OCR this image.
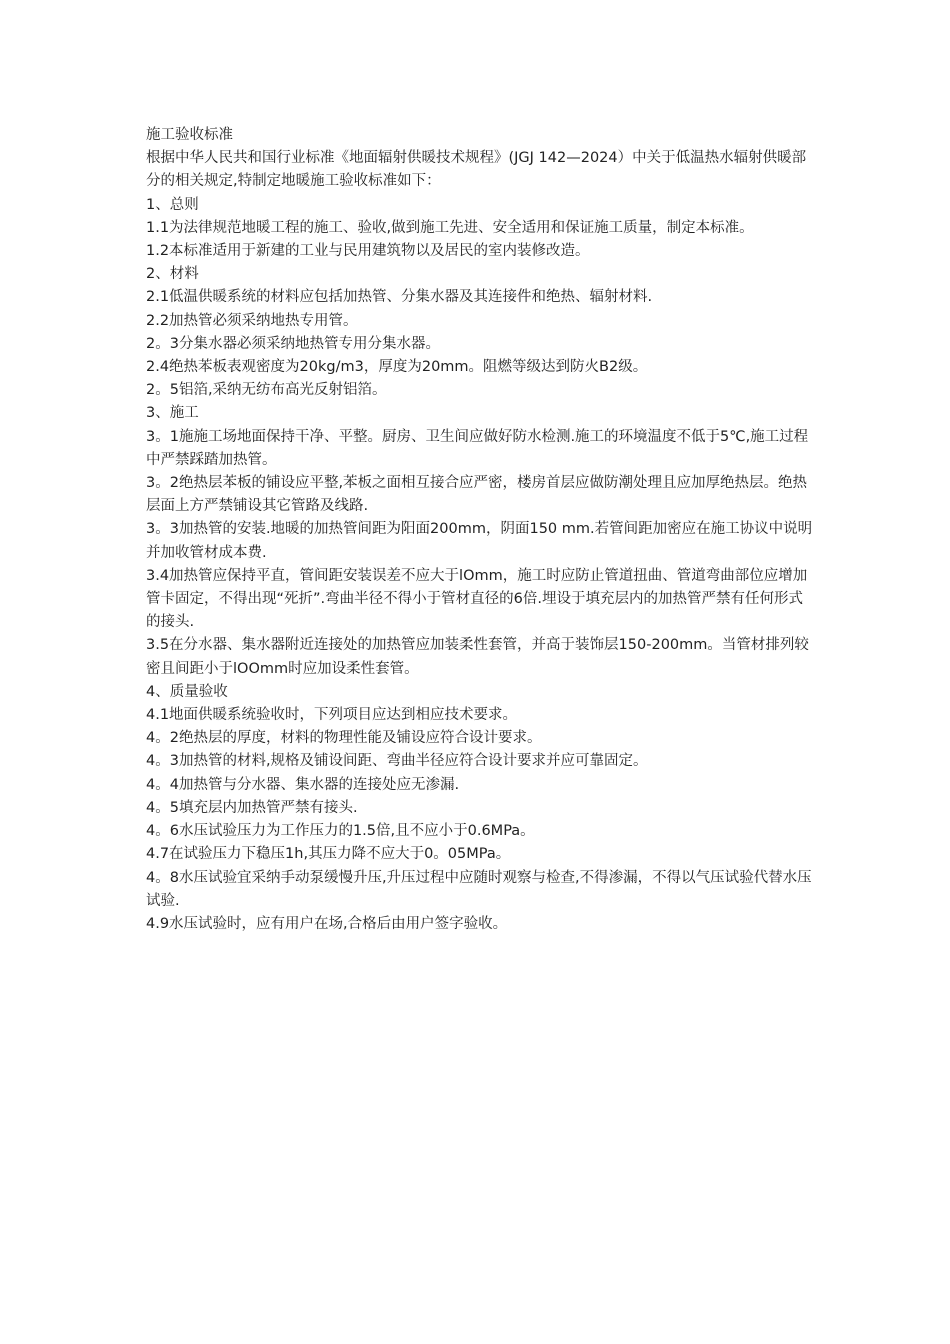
施工验收标准

根据中华人民共和国行业标准《地面辐射供暖技术规程》(JGJ 142—2024）中关于低温热水辐射供暖部分的相关规定,特制定地暖施工验收标准如下：

1、总则

1.1为法律规范地暖工程的施工、验收,做到施工先进、安全适用和保证施工质量，制定本标准。

1.2本标准适用于新建的工业与民用建筑物以及居民的室内装修改造。

2、材料

2.1低温供暖系统的材料应包括加热管、分集水器及其连接件和绝热、辐射材料.

2.2加热管必须采纳地热专用管。

2。3分集水器必须采纳地热管专用分集水器。

2.4绝热苯板表观密度为20kg/m3，厚度为20mm。阻燃等级达到防火B2级。

2。5铝箔,采纳无纺布高光反射铝箔。

3、施工

3。1施施工场地面保持干净、平整。厨房、卫生间应做好防水检测.施工的环境温度不低于5℃,施工过程中严禁踩踏加热管。

3。2绝热层苯板的铺设应平整,苯板之面相互接合应严密，楼房首层应做防潮处理且应加厚绝热层。绝热层面上方严禁铺设其它管路及线路.

3。3加热管的安装.地暖的加热管间距为阳面200mm，阴面150 mm.若管间距加密应在施工协议中说明并加收管材成本费.

3.4加热管应保持平直，管间距安装误差不应大于lOmm，施工时应防止管道扭曲、管道弯曲部位应增加管卡固定，不得出现“死折”.弯曲半径不得小于管材直径的6倍.埋设于填充层内的加热管严禁有任何形式的接头.

3.5在分水器、集水器附近连接处的加热管应加装柔性套管，并高于装饰层150-200mm。当管材排列较密且间距小于lOOmm时应加设柔性套管。

4、质量验收

4.1地面供暖系统验收时，下列项目应达到相应技术要求。

4。2绝热层的厚度，材料的物理性能及铺设应符合设计要求。

4。3加热管的材料,规格及铺设间距、弯曲半径应符合设计要求并应可靠固定。

4。4加热管与分水器、集水器的连接处应无渗漏.

4。5填充层内加热管严禁有接头.

4。6水压试验压力为工作压力的1.5倍,且不应小于0.6MPa。

4.7在试验压力下稳压1h,其压力降不应大于0。05MPa。

4。8水压试验宜采纳手动泵缓慢升压,升压过程中应随时观察与检查,不得渗漏，不得以气压试验代替水压试验.

4.9水压试验时，应有用户在场,合格后由用户签字验收。
